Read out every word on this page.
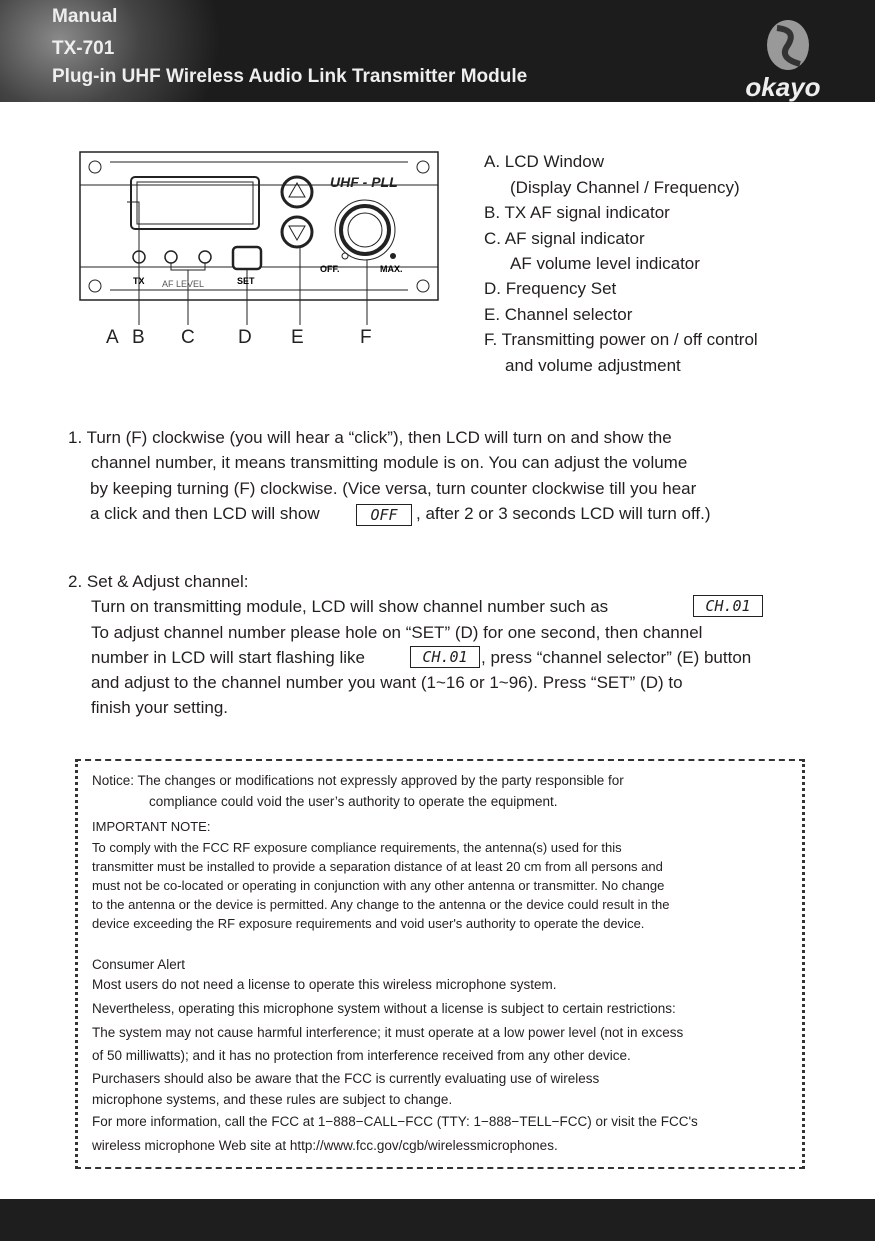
Manual
TX-701
Plug-in UHF Wireless Audio Link Transmitter Module	okayo
UHF - PLL
TX AF LEVEL	SET
OFF.	MAX.
A B C D E	F
A. LCD Window
(Display Channel / Frequency)
B. TX AF signal indicator
C. AF signal indicator
AF volume level indicator
D. Frequency Set
E. Channel selector
F. Transmitting power on / off control
and volume adjustment
1. Turn (F) clockwise (you will hear a “click”), then LCD will turn on and show the
channel number, it means transmitting module is on. You can adjust the volume
by keeping turning (F) clockwise. (Vice versa, turn counter clockwise till you hear
a click and then LCD will show	OFF	, after 2 or 3 seconds LCD will turn off.)
2. Set & Adjust channel:
Turn on transmitting module, LCD will show channel number such as	CH.01
To adjust channel number please hole on “SET” (D) for one second, then channel
number in LCD will start flashing like	CH.01 , press “channel selector” (E) button
and adjust to the channel number you want (1~16 or 1~96). Press “SET” (D) to
finish your setting.
Notice: The changes or modifications not expressly approved by the party responsible for
compliance could void the user’s authority to operate the equipment.
IMPORTANT NOTE:
To comply with the FCC RF exposure compliance requirements, the antenna(s) used for this
transmitter must be installed to provide a separation distance of at least 20 cm from all persons and
must not be co-located or operating in conjunction with any other antenna or transmitter. No change
to the antenna or the device is permitted. Any change to the antenna or the device could result in the
device exceeding the RF exposure requirements and void user's authority to operate the device.
Consumer Alert
Most users do not need a license to operate this wireless microphone system.
Nevertheless, operating this microphone system without a license is subject to certain restrictions:
The system may not cause harmful interference; it must operate at a low power level (not in excess
of 50 milliwatts); and it has no protection from interference received from any other device.
Purchasers should also be aware that the FCC is currently evaluating use of wireless
microphone systems, and these rules are subject to change.
For more information, call the FCC at 1−888−CALL−FCC (TTY: 1−888−TELL−FCC) or visit the FCC's
wireless microphone Web site at http://www.fcc.gov/cgb/wirelessmicrophones.
